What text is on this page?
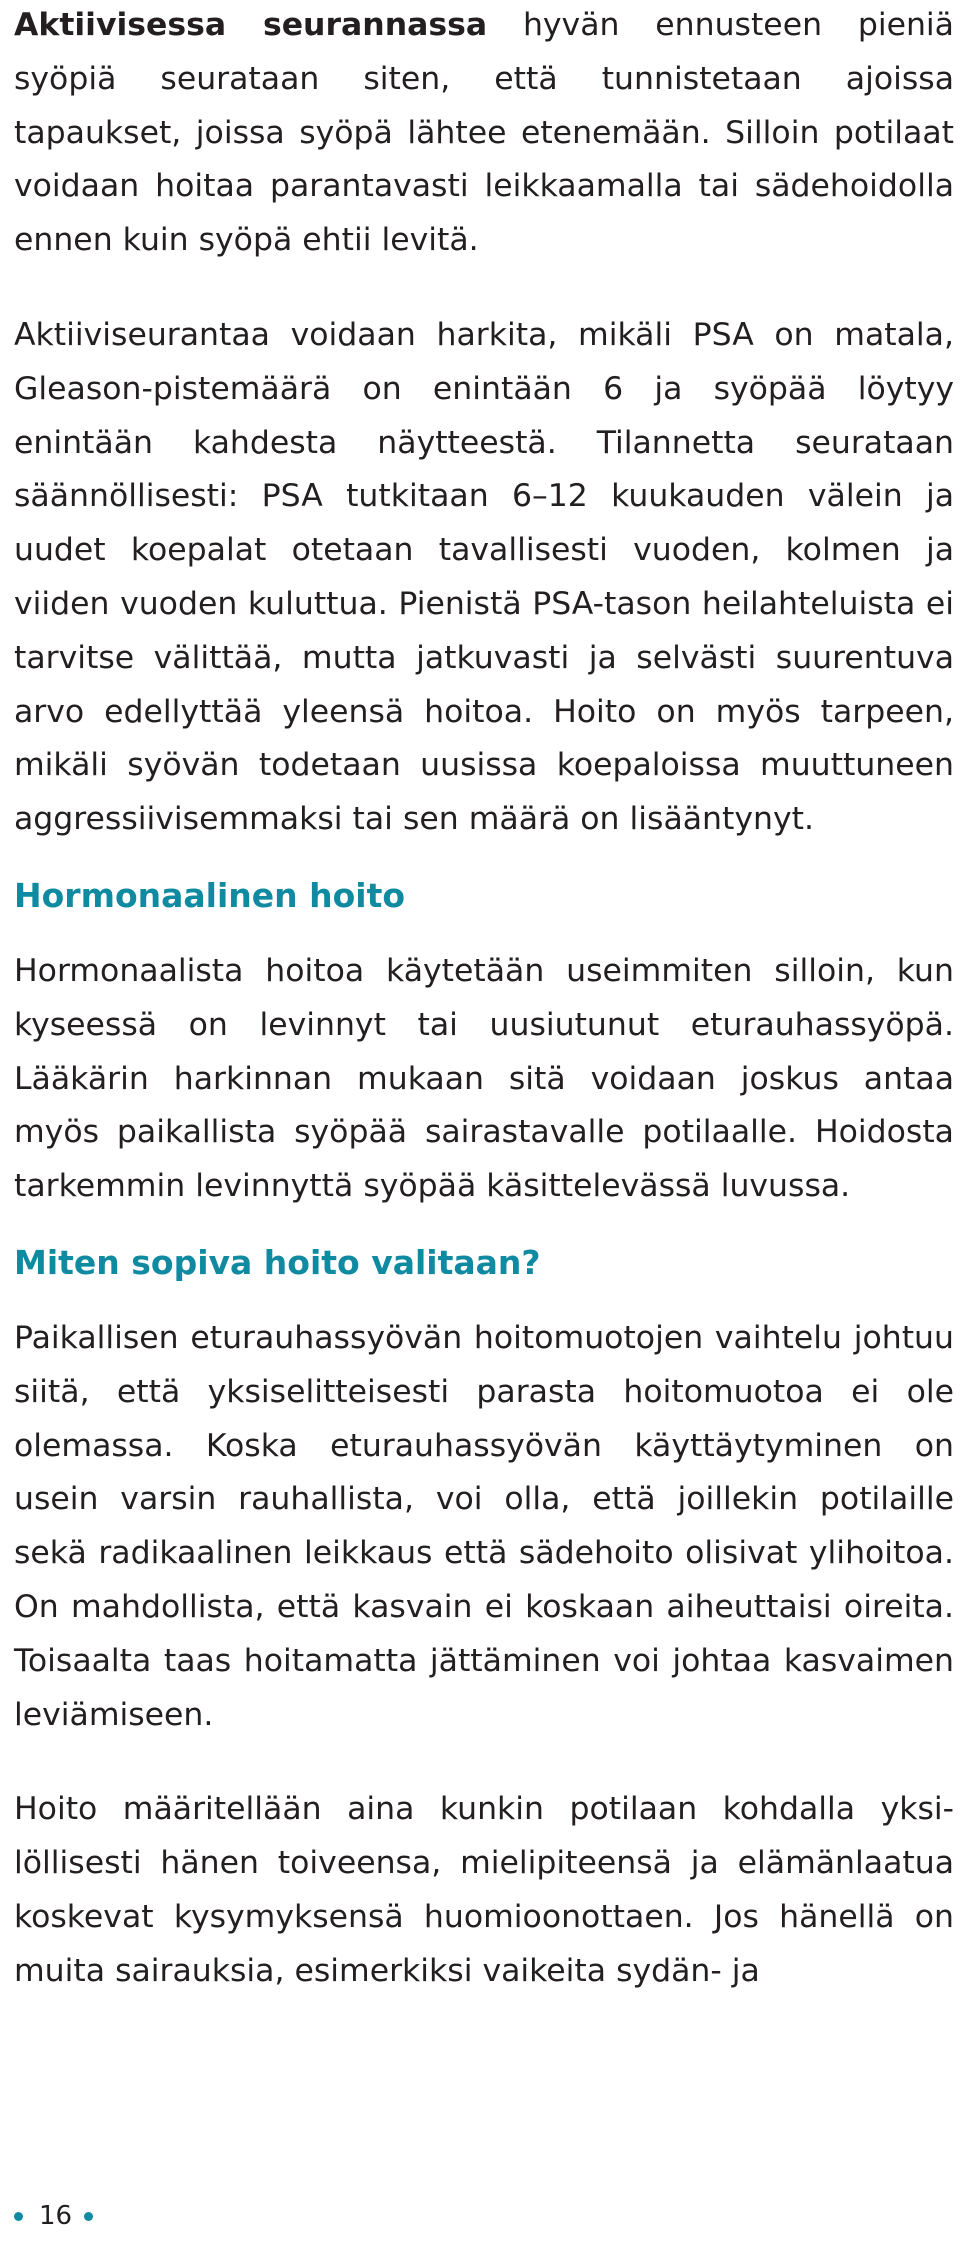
Aktiivisessa seurannassa hyvän ennusteen pieniä syöpiä seurataan siten, että tunnistetaan ajoissa tapaukset, joissa syöpä lähtee etenemään. Silloin potilaat voidaan hoitaa parantavasti leikkaamalla tai sädehoidolla ennen kuin syöpä ehtii levitä.

Aktiiviseurantaa voidaan harkita, mikäli PSA on matala, Gleason-pistemäärä on enintään 6 ja syöpää löytyy enintään kahdesta näytteestä. Tilannetta seurataan säännöllisesti: PSA tutkitaan 6–12 kuukauden välein ja uudet koepalat otetaan tavallisesti vuoden, kolmen ja viiden vuoden kuluttua. Pienistä PSA-tason heilahteluista ei tarvitse välittää, mutta jatkuvasti ja selvästi suurentuva arvo edellyttää yleensä hoitoa. Hoito on myös tarpeen, mikäli syövän todetaan uusissa koepaloissa muuttuneen aggressiivisemmaksi tai sen määrä on lisääntynyt.

Hormonaalinen hoito

Hormonaalista hoitoa käytetään useimmiten silloin, kun kyseessä on levinnyt tai uusiutunut eturauhassyöpä. Lääkärin harkinnan mukaan sitä voidaan joskus antaa myös paikallista syöpää sairastavalle potilaalle. Hoidosta tarkemmin levinnyttä syöpää käsittelevässä luvussa.

Miten sopiva hoito valitaan?

Paikallisen eturauhassyövän hoitomuotojen vaihtelu johtuu siitä, että yksiselitteisesti parasta hoitomuotoa ei ole olemassa. Koska eturauhassyövän käyttäytyminen on usein varsin rauhallista, voi olla, että joillekin potilaille sekä radikaalinen leikkaus että sädehoito olisivat ylihoitoa. On mahdollista, että kasvain ei koskaan aiheuttaisi oireita. Toisaalta taas hoitamatta jättäminen voi johtaa kasvaimen leviämiseen.

Hoito määritellään aina kunkin potilaan kohdalla yksilöllisesti hänen toiveensa, mielipiteensä ja elämänlaatua koskevat kysymyksensä huomioonottaen. Jos hänellä on muita sairauksia, esimerkiksi vaikeita sydän- ja

16
